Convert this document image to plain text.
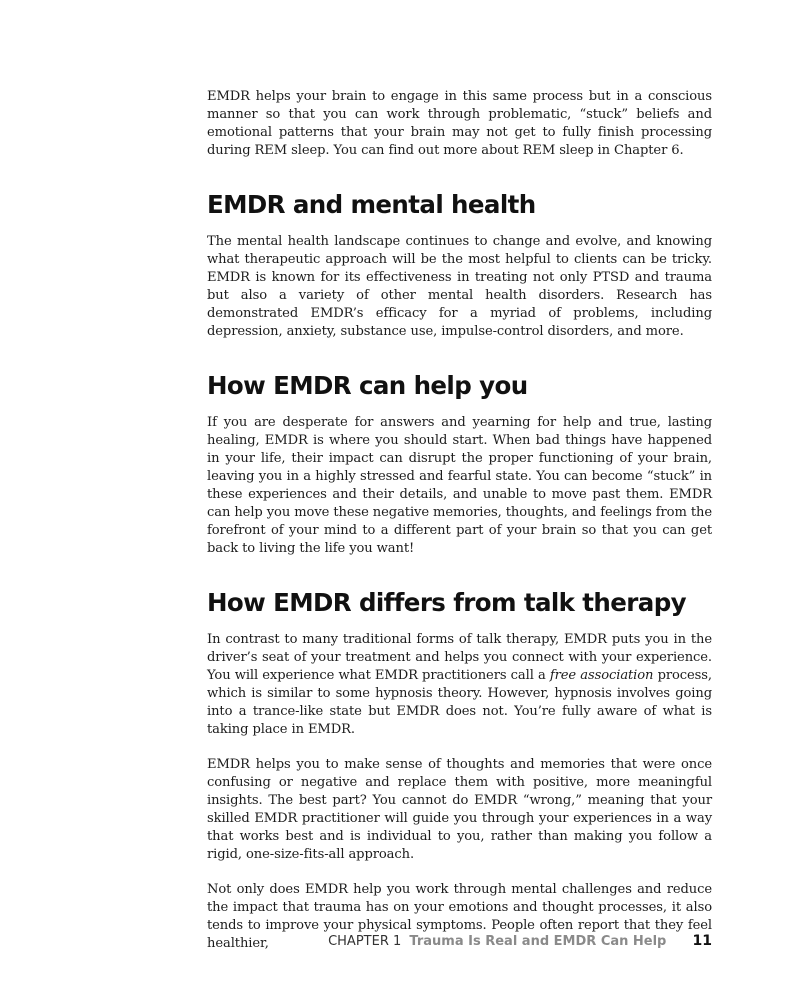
EMDR helps your brain to engage in this same process but in a conscious manner so that you can work through problematic, “stuck” beliefs and emotional patterns that your brain may not get to fully finish processing during REM sleep. You can find out more about REM sleep in Chapter 6.

EMDR and mental health

The mental health landscape continues to change and evolve, and knowing what therapeutic approach will be the most helpful to clients can be tricky. EMDR is known for its effectiveness in treating not only PTSD and trauma but also a variety of other mental health disorders. Research has demonstrated EMDR’s efficacy for a myriad of problems, including depression, anxiety, substance use, impulse-control disorders, and more.

How EMDR can help you

If you are desperate for answers and yearning for help and true, lasting healing, EMDR is where you should start. When bad things have happened in your life, their impact can disrupt the proper functioning of your brain, leaving you in a highly stressed and fearful state. You can become “stuck” in these experiences and their details, and unable to move past them. EMDR can help you move these negative memories, thoughts, and feelings from the forefront of your mind to a different part of your brain so that you can get back to living the life you want!

How EMDR differs from talk therapy

In contrast to many traditional forms of talk therapy, EMDR puts you in the driver’s seat of your treatment and helps you connect with your experience. You will experience what EMDR practitioners call a free association process, which is similar to some hypnosis theory. However, hypnosis involves going into a trance-like state but EMDR does not. You’re fully aware of what is taking place in EMDR.

EMDR helps you to make sense of thoughts and memories that were once confusing or negative and replace them with positive, more meaningful insights. The best part? You cannot do EMDR “wrong,” meaning that your skilled EMDR practitioner will guide you through your experiences in a way that works best and is individual to you, rather than making you follow a rigid, one-size-fits-all approach.

Not only does EMDR help you work through mental challenges and reduce the impact that trauma has on your emotions and thought processes, it also tends to improve your physical symptoms. People often report that they feel healthier,	CHAPTER 1 Trauma Is Real and EMDR Can Help 11
